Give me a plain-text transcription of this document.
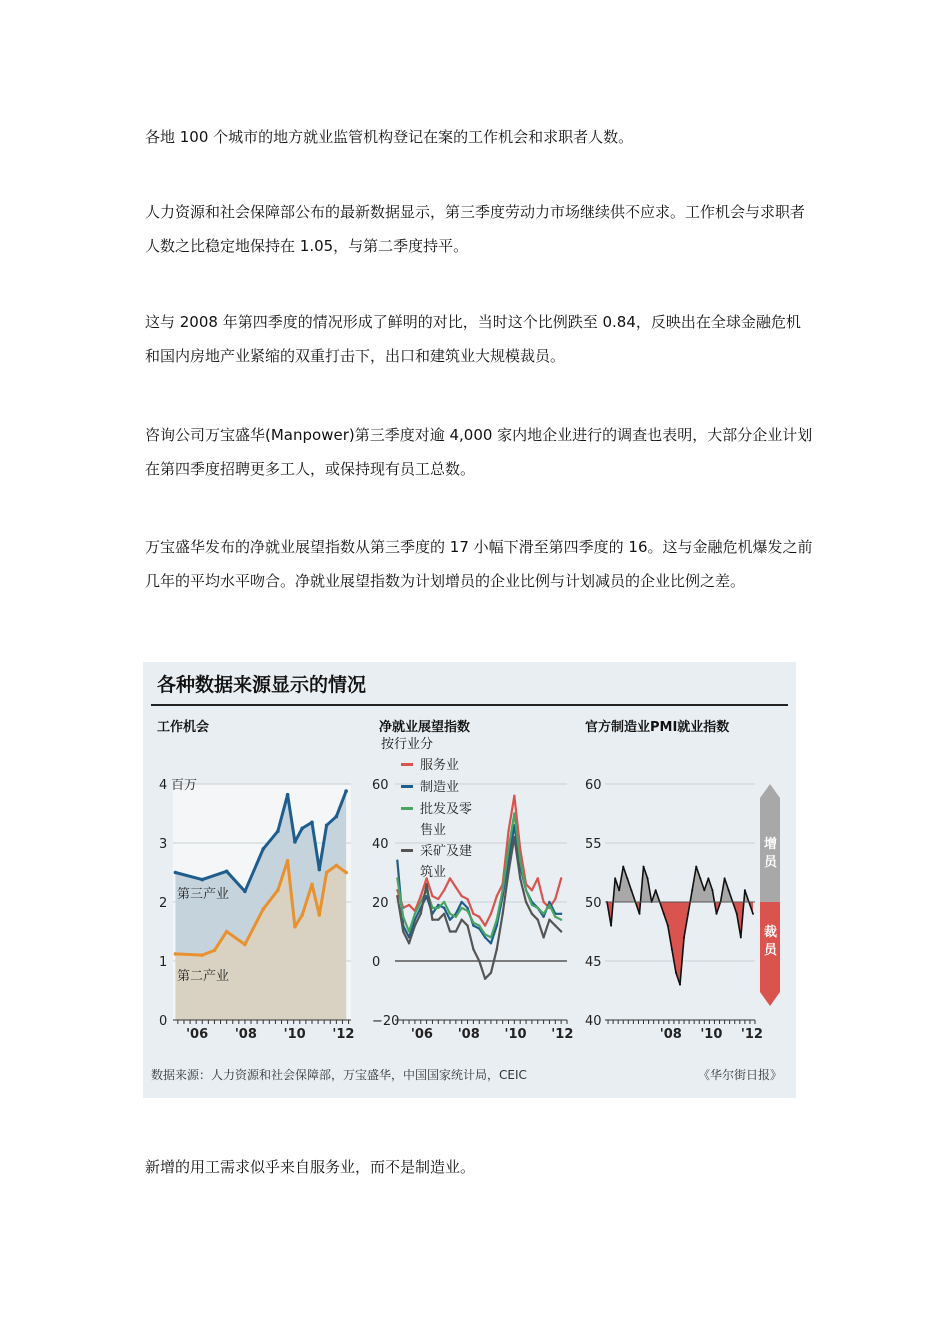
各地 100 个城市的地方就业监管机构登记在案的工作机会和求职者人数。

人力资源和社会保障部公布的最新数据显示，第三季度劳动力市场继续供不应求。工作机会与求职者人数之比稳定地保持在 1.05，与第二季度持平。

这与 2008 年第四季度的情况形成了鲜明的对比，当时这个比例跌至 0.84，反映出在全球金融危机和国内房地产业紧缩的双重打击下，出口和建筑业大规模裁员。

咨询公司万宝盛华(Manpower)第三季度对逾 4,000 家内地企业进行的调查也表明，大部分企业计划在第四季度招聘更多工人，或保持现有员工总数。

万宝盛华发布的净就业展望指数从第三季度的 17 小幅下滑至第四季度的 16。这与金融危机爆发之前几年的平均水平吻合。净就业展望指数为计划增员的企业比例与计划减员的企业比例之差。

各种数据来源显示的情况
工作机会	净就业展望指数
按行业分
官方制造业PMI就业指数
0
1
2
3
4 百万
第三产业
第二产业
'06 '08 '10 '12
60
40
20
0
−20
服务业
制造业
批发及零
售业
采矿及建
筑业
'06 '08 '10 '12
60
55
50
45
40
增
员
裁
员
'08 '10 '12
数据来源：人力资源和社会保障部，万宝盛华，中国国家统计局，CEIC	《华尔街日报》

新增的用工需求似乎来自服务业，而不是制造业。
